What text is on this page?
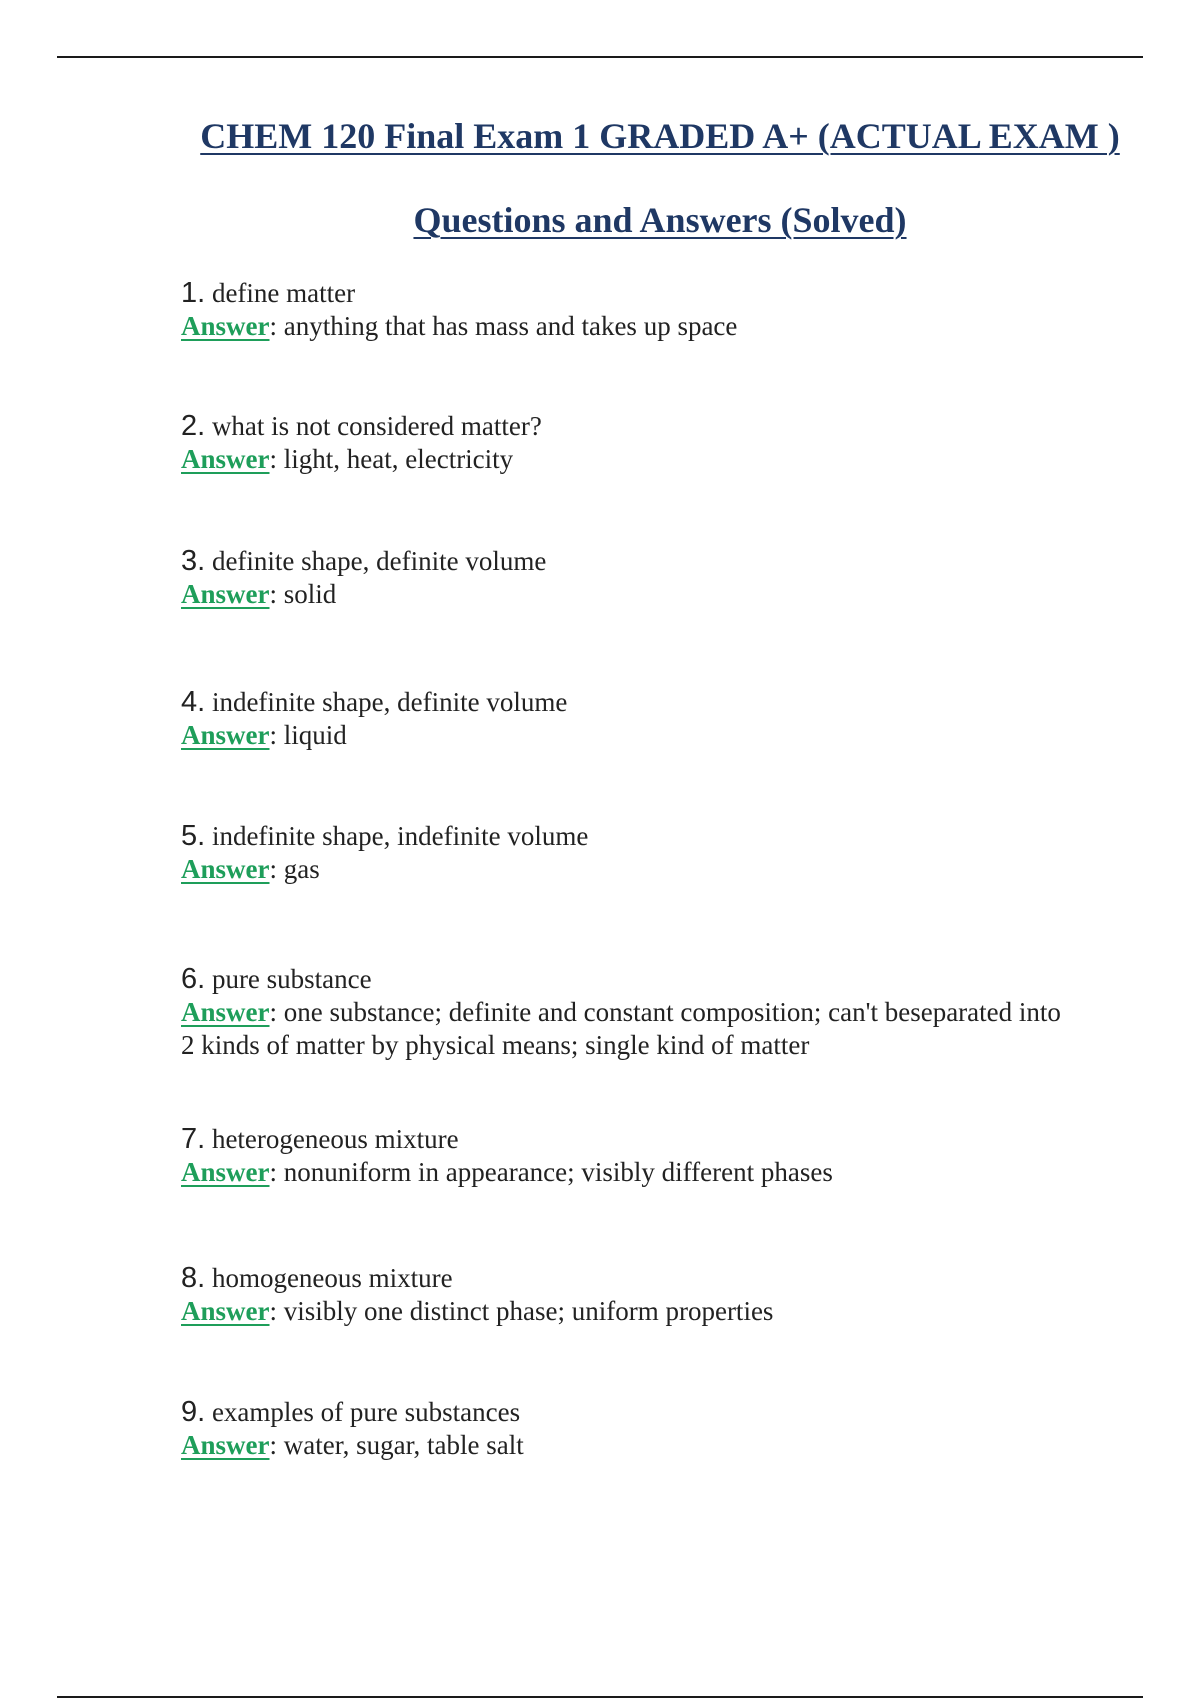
CHEM 120 Final Exam 1 GRADED A+ (ACTUAL EXAM )
Questions and Answers (Solved)
1. define matter
Answer: anything that has mass and takes up space
2. what is not considered matter?
Answer: light, heat, electricity
3. definite shape, definite volume
Answer: solid
4. indefinite shape, definite volume
Answer: liquid
5. indefinite shape, indefinite volume
Answer: gas
6. pure substance
Answer: one substance; definite and constant composition; can't beseparated into 2 kinds of matter by physical means; single kind of matter
7. heterogeneous mixture
Answer: nonuniform in appearance; visibly different phases
8. homogeneous mixture
Answer: visibly one distinct phase; uniform properties
9. examples of pure substances
Answer: water, sugar, table salt
